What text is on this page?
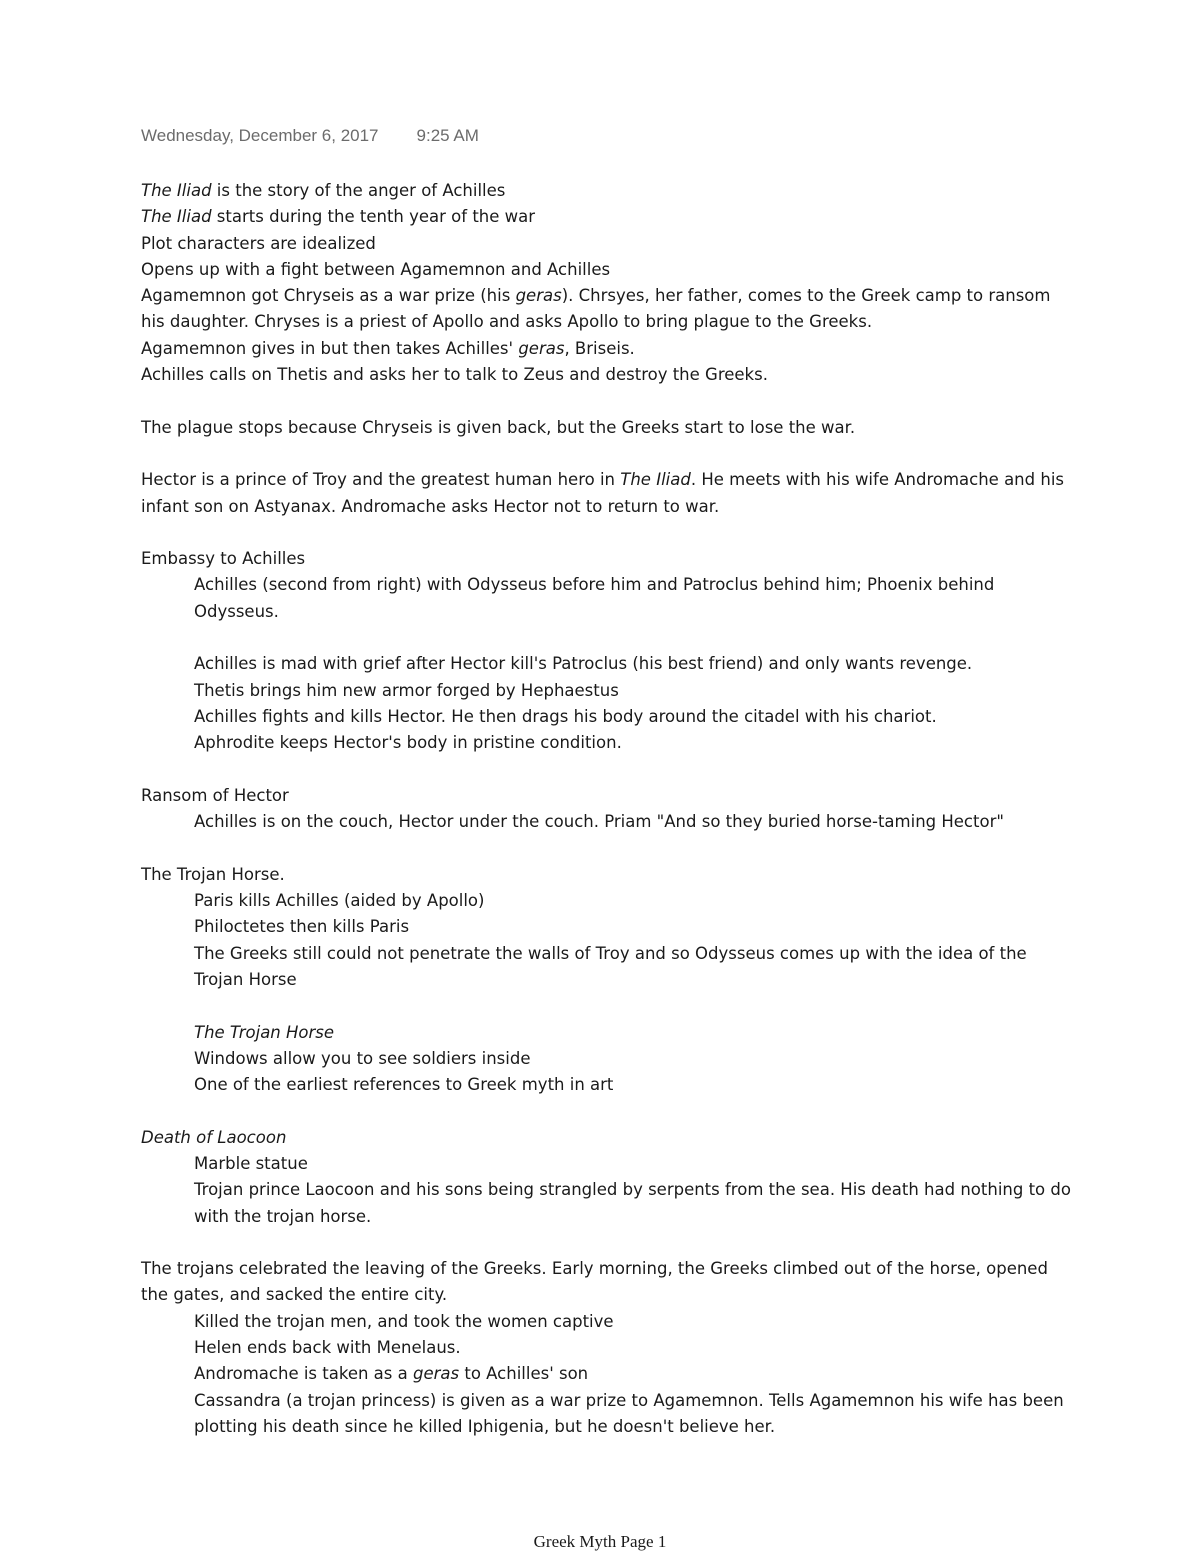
Wednesday, December 6, 2017 9:25 AM

The Iliad is the story of the anger of Achilles

The Iliad starts during the tenth year of the war

Plot characters are idealized

Opens up with a fight between Agamemnon and Achilles

Agamemnon got Chryseis as a war prize (his geras). Chrsyes, her father, comes to the Greek camp to ransom his daughter. Chryses is a priest of Apollo and asks Apollo to bring plague to the Greeks.

Agamemnon gives in but then takes Achilles' geras, Briseis.

Achilles calls on Thetis and asks her to talk to Zeus and destroy the Greeks.

The plague stops because Chryseis is given back, but the Greeks start to lose the war.

Hector is a prince of Troy and the greatest human hero in The Iliad. He meets with his wife Andromache and his infant son on Astyanax. Andromache asks Hector not to return to war.

Embassy to Achilles

Achilles (second from right) with Odysseus before him and Patroclus behind him; Phoenix behind Odysseus.

Achilles is mad with grief after Hector kill's Patroclus (his best friend) and only wants revenge.

Thetis brings him new armor forged by Hephaestus

Achilles fights and kills Hector. He then drags his body around the citadel with his chariot.

Aphrodite keeps Hector's body in pristine condition.

Ransom of Hector

Achilles is on the couch, Hector under the couch. Priam "And so they buried horse-taming Hector"

The Trojan Horse.

Paris kills Achilles (aided by Apollo)

Philoctetes then kills Paris

The Greeks still could not penetrate the walls of Troy and so Odysseus comes up with the idea of the Trojan Horse

The Trojan Horse

Windows allow you to see soldiers inside

One of the earliest references to Greek myth in art

Death of Laocoon

Marble statue

Trojan prince Laocoon and his sons being strangled by serpents from the sea. His death had nothing to do with the trojan horse.

The trojans celebrated the leaving of the Greeks. Early morning, the Greeks climbed out of the horse, opened the gates, and sacked the entire city.

Killed the trojan men, and took the women captive

Helen ends back with Menelaus.

Andromache is taken as a geras to Achilles' son

Cassandra (a trojan princess) is given as a war prize to Agamemnon. Tells Agamemnon his wife has been plotting his death since he killed Iphigenia, but he doesn't believe her.

Greek Myth Page 1
